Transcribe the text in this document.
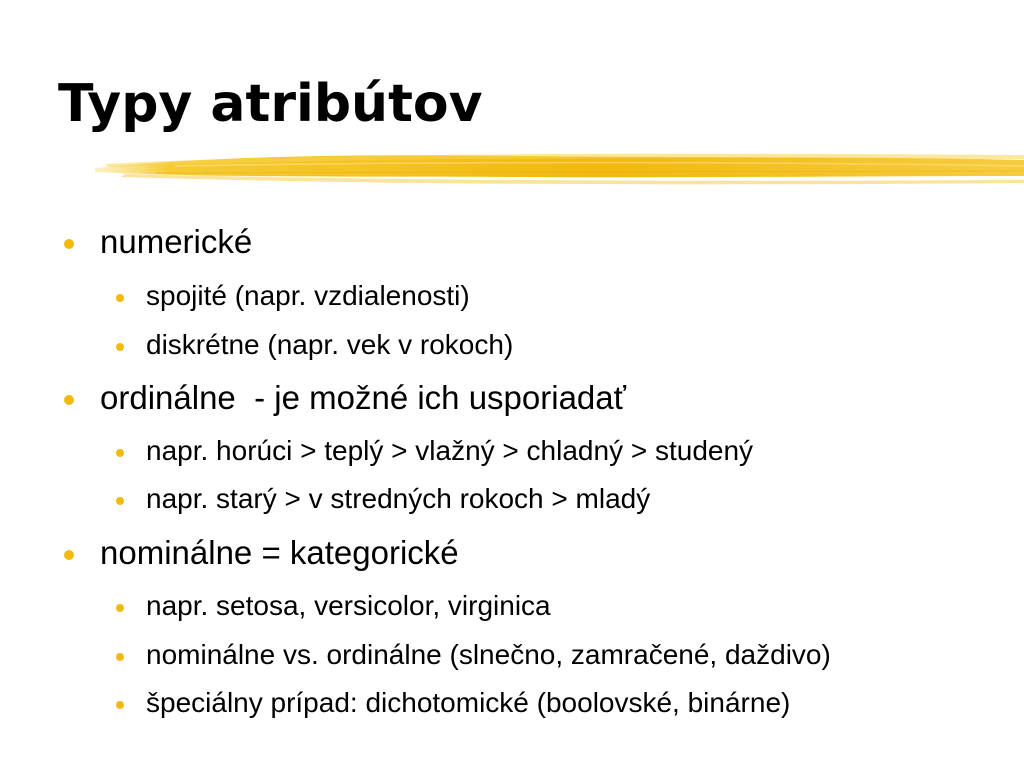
Typy atribútov
numerické
spojité (napr. vzdialenosti)
diskrétne (napr. vek v rokoch)
ordinálne  - je možné ich usporiadať
napr. horúci > teplý > vlažný > chladný > studený
napr. starý > v stredných rokoch > mladý
nominálne = kategorické
napr. setosa, versicolor, virginica
nominálne vs. ordinálne (slnečno, zamračené, daždivo)
špeciálny prípad: dichotomické (boolovské, binárne)
